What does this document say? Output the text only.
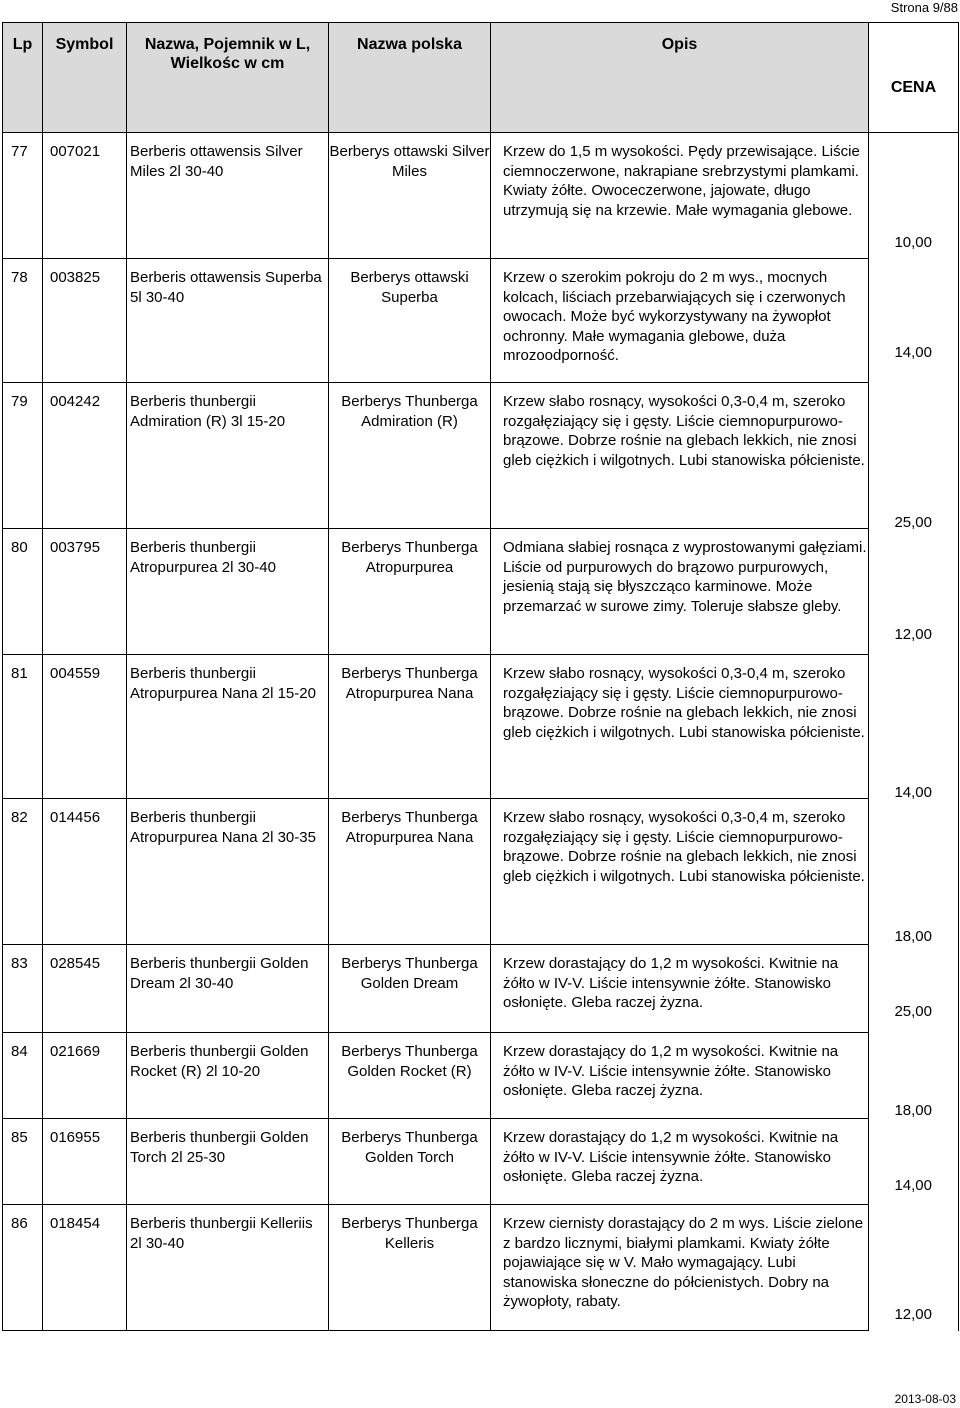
Strona 9/88
Lp	Symbol	Nazwa, Pojemnik w L, Wielkośc w cm	Nazwa polska	Opis	CENA
77	007021	Berberis ottawensis Silver Miles 2l 30-40	Berberys ottawski Silver Miles	Krzew do 1,5 m wysokości. Pędy przewisające. Liście ciemnoczerwone, nakrapiane srebrzystymi plamkami. Kwiaty żółte. Owoceczerwone, jajowate, długo utrzymują się na krzewie. Małe wymagania glebowe.	10,00

78	003825	Berberis ottawensis Superba 5l 30-40	Berberys ottawski Superba	Krzew o szerokim pokroju do 2 m wys., mocnych kolcach, liściach przebarwiających się i czerwonych owocach. Może być wykorzystywany na żywopłot ochronny. Małe wymagania glebowe, duża mrozoodporność.	14,00

79	004242	Berberis thunbergii Admiration (R) 3l 15-20	Berberys Thunberga Admiration (R)	Krzew słabo rosnący, wysokości 0,3-0,4 m, szeroko rozgałęziający się i gęsty. Liście ciemnopurpurowo-brązowe. Dobrze rośnie na glebach lekkich, nie znosi gleb ciężkich i wilgotnych. Lubi stanowiska półcieniste.	25,00

80	003795	Berberis thunbergii Atropurpurea 2l 30-40	Berberys Thunberga Atropurpurea	Odmiana słabiej rosnąca z wyprostowanymi gałęziami. Liście od purpurowych do brązowo purpurowych, jesienią stają się błyszcząco karminowe. Może przemarzać w surowe zimy. Toleruje słabsze gleby.	12,00

81	004559	Berberis thunbergii Atropurpurea Nana 2l 15-20	Berberys Thunberga Atropurpurea Nana	Krzew słabo rosnący, wysokości 0,3-0,4 m, szeroko rozgałęziający się i gęsty. Liście ciemnopurpurowo-brązowe. Dobrze rośnie na glebach lekkich, nie znosi gleb ciężkich i wilgotnych. Lubi stanowiska półcieniste.	14,00

82	014456	Berberis thunbergii Atropurpurea Nana 2l 30-35	Berberys Thunberga Atropurpurea Nana	Krzew słabo rosnący, wysokości 0,3-0,4 m, szeroko rozgałęziający się i gęsty. Liście ciemnopurpurowo-brązowe. Dobrze rośnie na glebach lekkich, nie znosi gleb ciężkich i wilgotnych. Lubi stanowiska półcieniste.	18,00

83	028545	Berberis thunbergii Golden Dream 2l 30-40	Berberys Thunberga Golden Dream	Krzew dorastający do 1,2 m wysokości. Kwitnie na żółto w IV-V. Liście intensywnie żółte. Stanowisko osłonięte. Gleba raczej żyzna.	25,00

84	021669	Berberis thunbergii Golden Rocket (R) 2l 10-20	Berberys Thunberga Golden Rocket (R)	Krzew dorastający do 1,2 m wysokości. Kwitnie na żółto w IV-V. Liście intensywnie żółte. Stanowisko osłonięte. Gleba raczej żyzna.	18,00

85	016955	Berberis thunbergii Golden Torch 2l 25-30	Berberys Thunberga Golden Torch	Krzew dorastający do 1,2 m wysokości. Kwitnie na żółto w IV-V. Liście intensywnie żółte. Stanowisko osłonięte. Gleba raczej żyzna.	14,00

86	018454	Berberis thunbergii Kelleriis 2l 30-40	Berberys Thunberga Kelleris	Krzew ciernisty dorastający do 2 m wys. Liście zielone z bardzo licznymi, białymi plamkami. Kwiaty żółte pojawiające się w V. Mało wymagający. Lubi stanowiska słoneczne do półcienistych. Dobry na żywopłoty, rabaty.	12,00
2013-08-03
